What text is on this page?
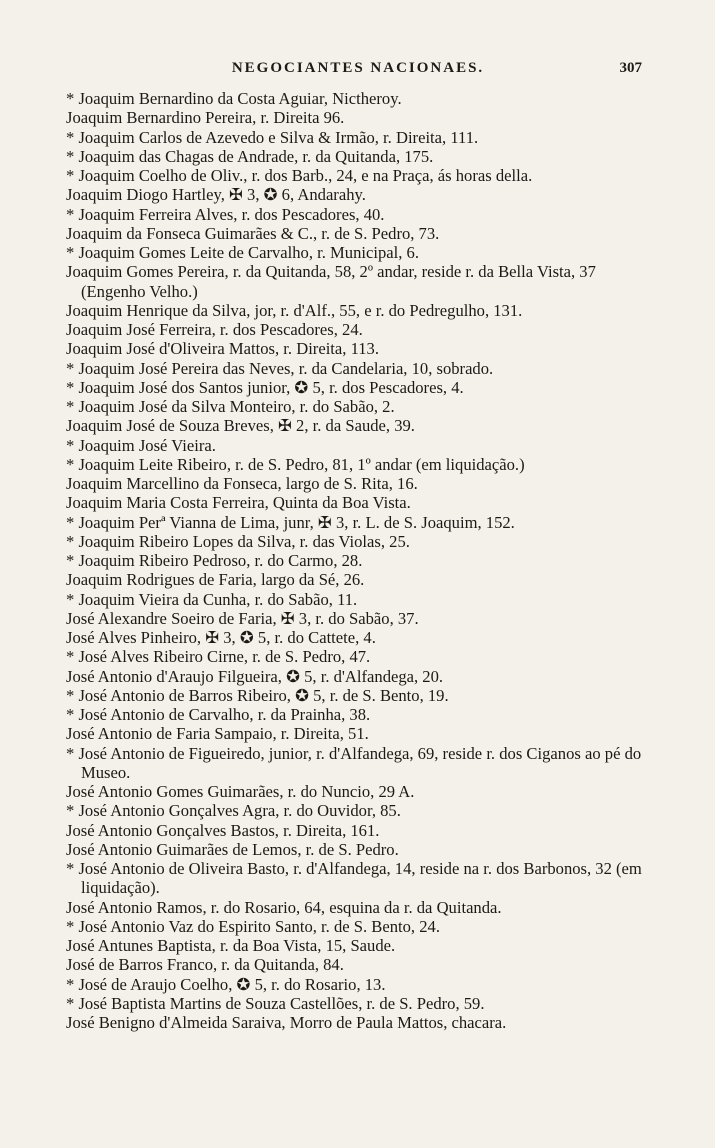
NEGOCIANTES NACIONAES.	307
* Joaquim Bernardino da Costa Aguiar, Nictheroy.
Joaquim Bernardino Pereira, r. Direita 96.
* Joaquim Carlos de Azevedo e Silva & Irmão, r. Direita, 111.
* Joaquim das Chagas de Andrade, r. da Quitanda, 175.
* Joaquim Coelho de Oliv., r. dos Barb., 24, e na Praça, ás horas della.
Joaquim Diogo Hartley, ✠ 3, ✪ 6, Andarahy.
* Joaquim Ferreira Alves, r. dos Pescadores, 40.
Joaquim da Fonseca Guimarães & C., r. de S. Pedro, 73.
* Joaquim Gomes Leite de Carvalho, r. Municipal, 6.
Joaquim Gomes Pereira, r. da Quitanda, 58, 2º andar, reside r. da Bella Vista, 37 (Engenho Velho.)
Joaquim Henrique da Silva, jor, r. d'Alf., 55, e r. do Pedregulho, 131.
Joaquim José Ferreira, r. dos Pescadores, 24.
Joaquim José d'Oliveira Mattos, r. Direita, 113.
* Joaquim José Pereira das Neves, r. da Candelaria, 10, sobrado.
* Joaquim José dos Santos junior, ✪ 5, r. dos Pescadores, 4.
* Joaquim José da Silva Monteiro, r. do Sabão, 2.
Joaquim José de Souza Breves, ✠ 2, r. da Saude, 39.
* Joaquim José Vieira.
* Joaquim Leite Ribeiro, r. de S. Pedro, 81, 1º andar (em liquidação.)
Joaquim Marcellino da Fonseca, largo de S. Rita, 16.
Joaquim Maria Costa Ferreira, Quinta da Boa Vista.
* Joaquim Perª Vianna de Lima, junr, ✠ 3, r. L. de S. Joaquim, 152.
* Joaquim Ribeiro Lopes da Silva, r. das Violas, 25.
* Joaquim Ribeiro Pedroso, r. do Carmo, 28.
Joaquim Rodrigues de Faria, largo da Sé, 26.
* Joaquim Vieira da Cunha, r. do Sabão, 11.
José Alexandre Soeiro de Faria, ✠ 3, r. do Sabão, 37.
José Alves Pinheiro, ✠ 3, ✪ 5, r. do Cattete, 4.
* José Alves Ribeiro Cirne, r. de S. Pedro, 47.
José Antonio d'Araujo Filgueira, ✪ 5, r. d'Alfandega, 20.
* José Antonio de Barros Ribeiro, ✪ 5, r. de S. Bento, 19.
* José Antonio de Carvalho, r. da Prainha, 38.
José Antonio de Faria Sampaio, r. Direita, 51.
* José Antonio de Figueiredo, junior, r. d'Alfandega, 69, reside r. dos Ciganos ao pé do Museo.
José Antonio Gomes Guimarães, r. do Nuncio, 29 A.
* José Antonio Gonçalves Agra, r. do Ouvidor, 85.
José Antonio Gonçalves Bastos, r. Direita, 161.
José Antonio Guimarães de Lemos, r. de S. Pedro.
* José Antonio de Oliveira Basto, r. d'Alfandega, 14, reside na r. dos Barbonos, 32 (em liquidação).
José Antonio Ramos, r. do Rosario, 64, esquina da r. da Quitanda.
* José Antonio Vaz do Espirito Santo, r. de S. Bento, 24.
José Antunes Baptista, r. da Boa Vista, 15, Saude.
José de Barros Franco, r. da Quitanda, 84.
* José de Araujo Coelho, ✪ 5, r. do Rosario, 13.
* José Baptista Martins de Souza Castellões, r. de S. Pedro, 59.
José Benigno d'Almeida Saraiva, Morro de Paula Mattos, chacara.
